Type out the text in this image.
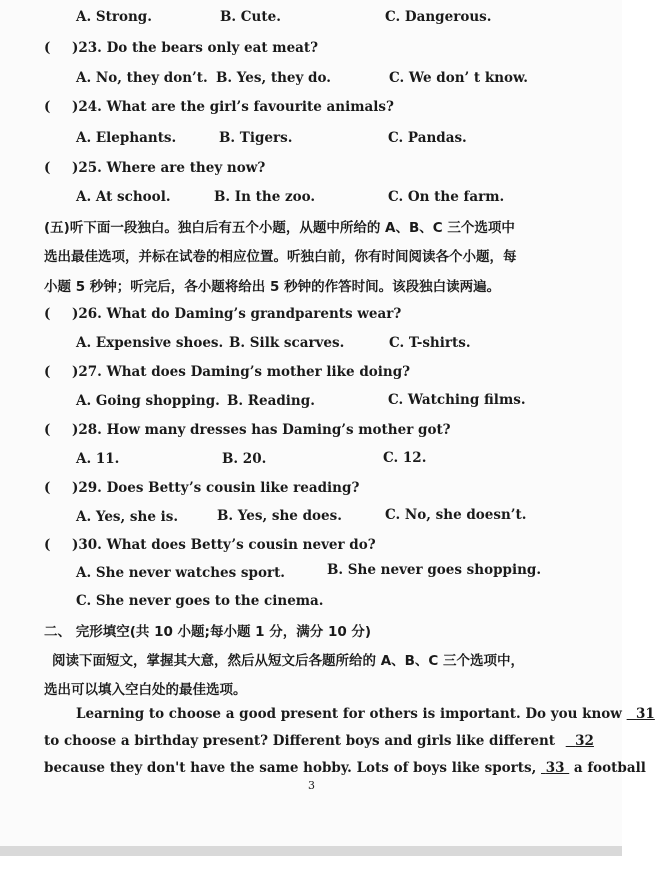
A. Strong.	B. Cute.	C. Dangerous.
( )23. Do the bears only eat meat?
A. No, they don’t. B. Yes, they do.	C. We don’ t know.
( )24. What are the girl’s favourite animals?
A. Elephants.	B. Tigers.	C. Pandas.
( )25. Where are they now?
A. At school.	B. In the zoo.	C. On the farm.
(五)听下面一段独白。独白后有五个小题，从题中所给的 A、B、C 三个选项中
选出最佳选项，并标在试卷的相应位置。听独白前，你有时间阅读各个小题，每
小题 5 秒钟；听完后，各小题将给出 5 秒钟的作答时间。该段独白读两遍。
( )26. What do Daming’s grandparents wear?
A. Expensive shoes. B. Silk scarves.	C. T-shirts.
( )27. What does Daming’s mother like doing?
A. Going shopping. B. Reading.	C. Watching films.
( )28. How many dresses has Daming’s mother got?
A. 11.	B. 20.	C. 12.
( )29. Does Betty’s cousin like reading?
A. Yes, she is.	B. Yes, she does.	C. No, she doesn’t.
( )30. What does Betty’s cousin never do?
A. She never watches sport.	B. She never goes shopping.
C. She never goes to the cinema.
二、 完形填空(共 10 小题;每小题 1 分，满分 10 分)
阅读下面短文，掌握其大意，然后从短文后各题所给的 A、B、C 三个选项中，
选出可以填入空白处的最佳选项。
Learning to choose a good present for others is important. Do you know 31
to choose a birthday present? Different boys and girls like different 32
because they don't have the same hobby. Lots of boys like sports, 33 a football
3
